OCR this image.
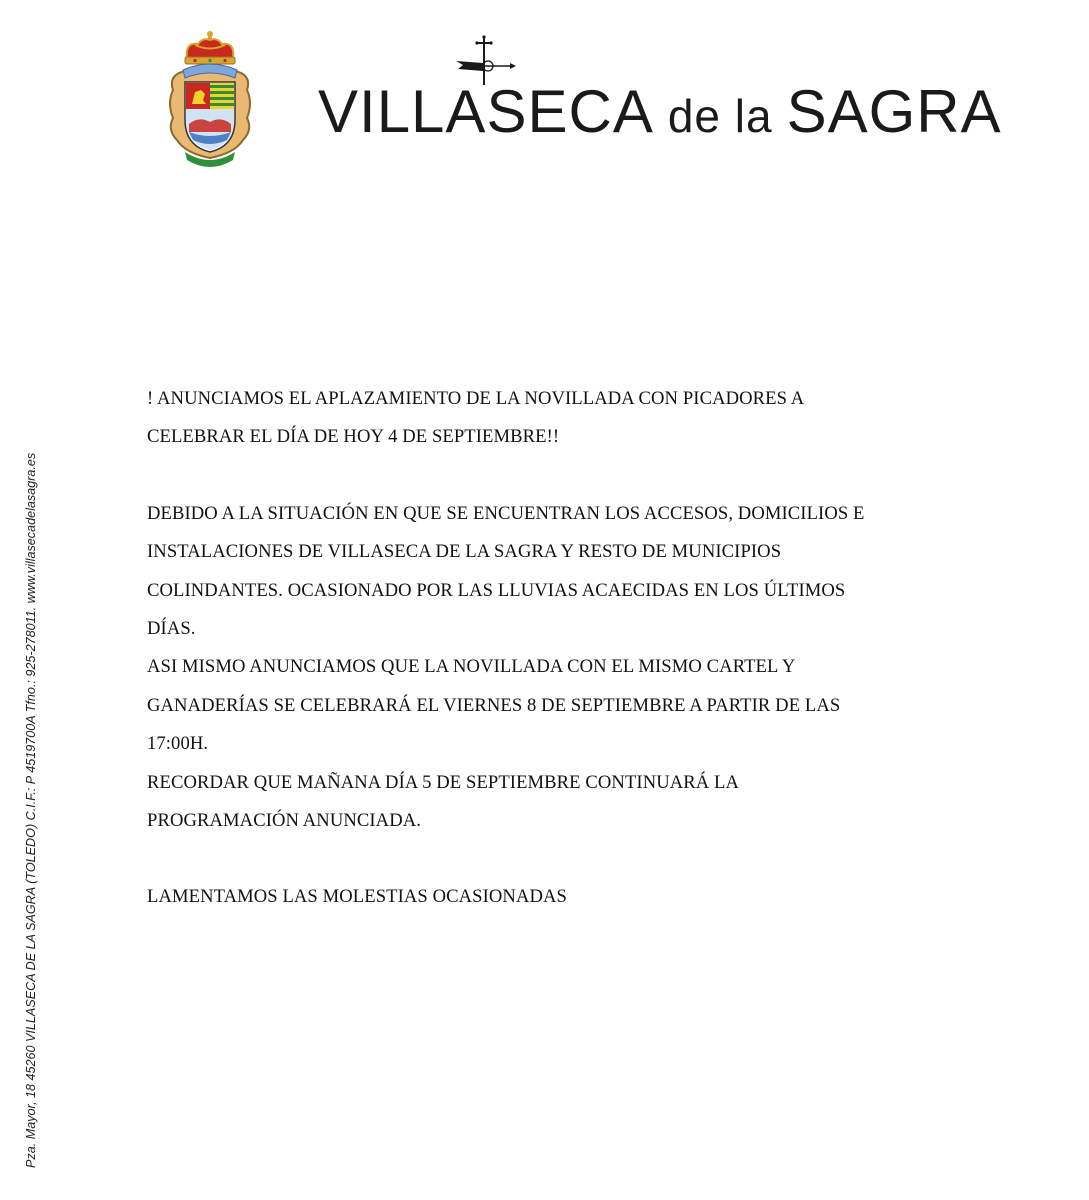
VILLASECA de la SAGRA
Pza. Mayor, 18 45260 VILLASECA DE LA SAGRA (TOLEDO) C.I.F.: P 4519700A Tfno.: 925-278011. www.villasecadelasagra.es
! ANUNCIAMOS EL APLAZAMIENTO DE LA NOVILLADA CON PICADORES A
CELEBRAR EL DÍA DE HOY 4 DE SEPTIEMBRE!!
DEBIDO A LA SITUACIÓN EN QUE SE ENCUENTRAN LOS ACCESOS, DOMICILIOS E
INSTALACIONES DE VILLASECA DE LA SAGRA Y RESTO DE MUNICIPIOS
COLINDANTES. OCASIONADO POR LAS LLUVIAS ACAECIDAS EN LOS ÚLTIMOS
DÍAS.
ASI MISMO ANUNCIAMOS QUE LA NOVILLADA CON EL MISMO CARTEL Y
GANADERÍAS SE CELEBRARÁ EL VIERNES 8 DE SEPTIEMBRE A PARTIR DE LAS
17:00H.
RECORDAR QUE MAÑANA DÍA 5 DE SEPTIEMBRE CONTINUARÁ LA
PROGRAMACIÓN ANUNCIADA.
LAMENTAMOS LAS MOLESTIAS OCASIONADAS
